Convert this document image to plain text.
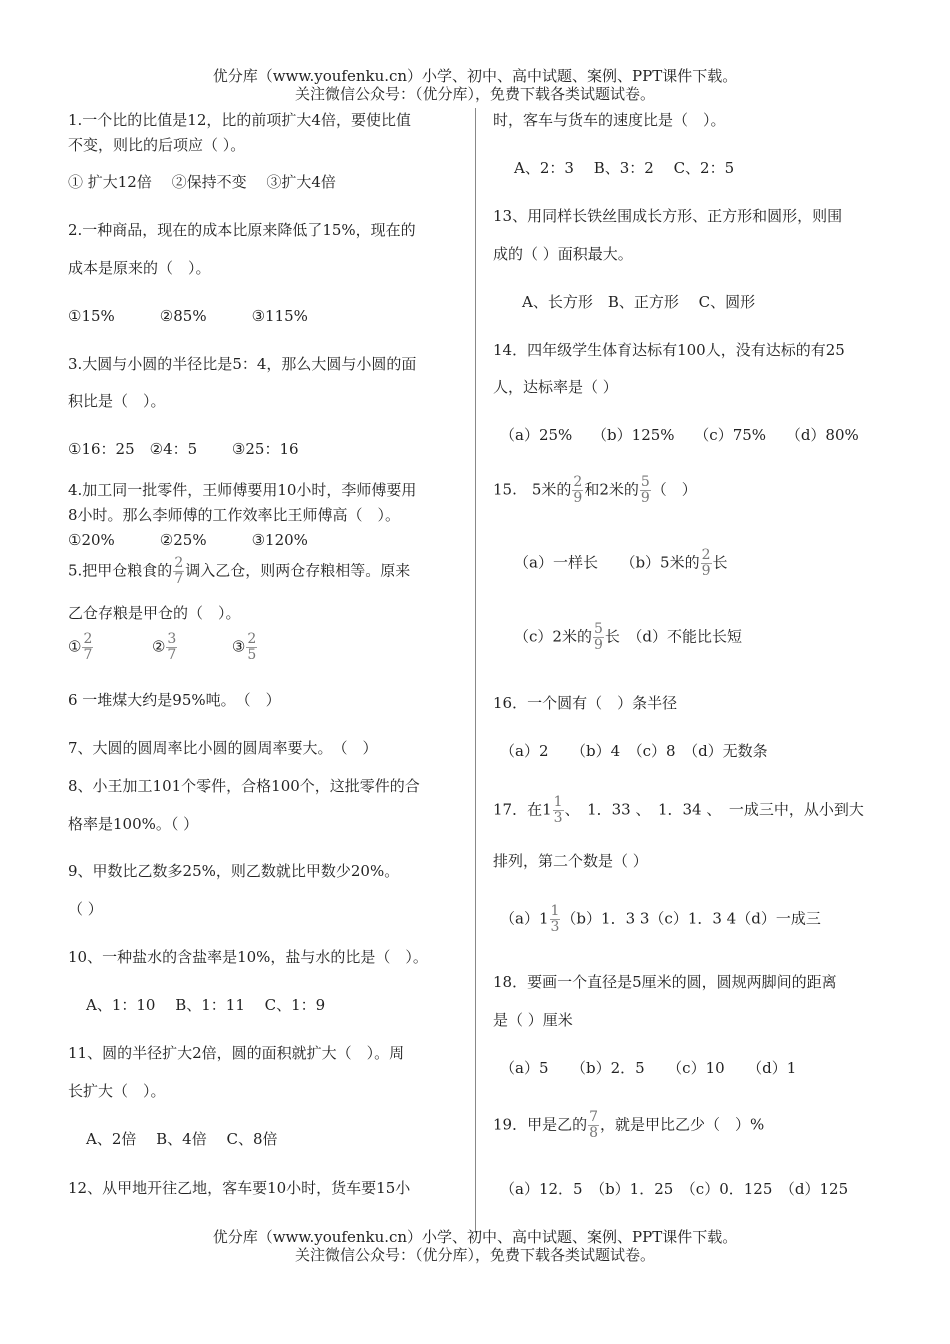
优分库（www.youfenku.cn）小学、初中、高中试题、案例、PPT课件下载。
关注微信公众号：（优分库），免费下载各类试题试卷。
1.一个比的比值是12，比的前项扩大4倍，要使比值
不变，则比的后项应（ ）。
① 扩大12倍　 ②保持不变　 ③扩大4倍
2.一种商品，现在的成本比原来降低了15%，现在的
成本是原来的（　）。
①15%　　　②85%　　　③115%
3.大圆与小圆的半径比是5：4，那么大圆与小圆的面
积比是（　）。
①16：25　②4：5　　 ③25：16
4.加工同一批零件，王师傅要用10小时，李师傅要用
8小时。那么李师傅的工作效率比王师傅高（　）。
①20%　　　②25%　　　③120%
5.把甲仓粮食的 $\frac{2}{7}$ 调入乙仓，则两仓存粮相等。原来
乙仓存粮是甲仓的（　）。
① $\frac{2}{7}$	② $\frac{3}{7}$	③ $\frac{2}{5}$
6 一堆煤大约是95%吨。　（　）
7、大圆的圆周率比小圆的圆周率要大。　（　）
8、小王加工101个零件，合格100个，这批零件的合
格率是100%。（ ）
9、甲数比乙数多25%，则乙数就比甲数少20%。
（ ）
10、一种盐水的含盐率是10%，盐与水的比是（　）。
A、1：10　 B、1：11　 C、1：9
11、圆的半径扩大2倍，圆的面积就扩大（　）。周
长扩大（　）。
A、2倍　 B、4倍　 C、8倍
12、从甲地开往乙地，客车要10小时，货车要15小
时，客车与货车的速度比是（　）。
A、2：3　 B、3：2　 C、2：5
13、用同样长铁丝围成长方形、正方形和圆形，则围
成的（ ）面积最大。
A、长方形　B、正方形　 C、圆形
14．四年级学生体育达标有100人，没有达标的有25
人，达标率是（ ）
（a）25%　 （b）125%　 （c）75%　 （d）80%
15.　5米的 $\frac{2}{9}$ 和2米的 $\frac{5}{9}$ （　）
（a）一样长　　（b）5米的 $\frac{2}{9}$ 长
（c）2米的 $\frac{5}{9}$ 长　（d）不能比长短
16．一个圆有（　）条半径
（a）2　　（b）4　（c）8　（d）无数条
17．在$1 \frac{1}{3}$ 、　1．33 、　1．34 、　一成三中，从小到大
排列，第二个数是（ ）
$(a)1 \frac{1}{3} (b)1$．3 3（c）1．3 4（d）一成三
18．要画一个直径是5厘米的圆，圆规两脚间的距离
是（ ）厘米
（a）5　　（b）2．5　　（c）10　　（d）1
19．甲是乙的 $\frac{7}{8}$ ，就是甲比乙少（　）%
（a）12．5　（b）1．25　（c）0．125　（d）125
优分库（www.youfenku.cn）小学、初中、高中试题、案例、PPT课件下载。
关注微信公众号：（优分库），免费下载各类试题试卷。
